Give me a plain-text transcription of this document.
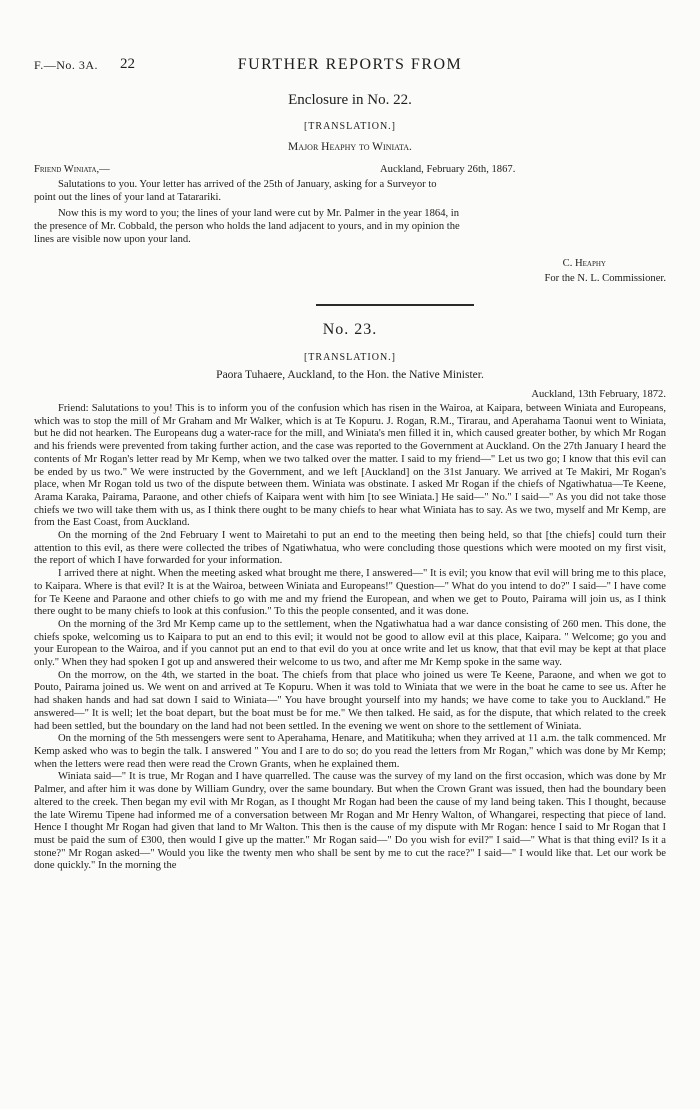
F.—No. 3A. 22	FURTHER REPORTS FROM
Enclosure in No. 22.
[TRANSLATION.]
Major Heaphy to Winiata.
Friend Winiata,—	Auckland, February 26th, 1867.
Salutations to you. Your letter has arrived of the 25th of January, asking for a Surveyor to
point out the lines of your land at Tatarariki.
Now this is my word to you; the lines of your land were cut by Mr. Palmer in the year 1864, in
the presence of Mr. Cobbald, the person who holds the land adjacent to yours, and in my opinion the
lines are visible now upon your land.
C. Heaphy
For the N. L. Commissioner.
No. 23.
[TRANSLATION.]
Paora Tuhaere, Auckland, to the Hon. the Native Minister.
Auckland, 13th February, 1872.

Friend: Salutations to you! This is to inform you of the confusion which has risen in the Wairoa, at Kaipara, between Winiata and Europeans, which was to stop the mill of Mr Graham and Mr Walker, which is at Te Kopuru. J. Rogan, R.M., Tirarau, and Aperahama Taonui went to Winiata, but he did not hearken. The Europeans dug a water-race for the mill, and Winiata's men filled it in, which caused greater bother, by which Mr Rogan and his friends were prevented from taking further action, and the case was reported to the Government at Auckland. On the 27th January I heard the contents of Mr Rogan's letter read by Mr Kemp, when we two talked over the matter. I said to my friend—" Let us two go; I know that this evil can be ended by us two." We were instructed by the Government, and we left [Auckland] on the 31st January. We arrived at Te Makiri, Mr Rogan's place, when Mr Rogan told us two of the dispute between them. Winiata was obstinate. I asked Mr Rogan if the chiefs of Ngatiwhatua—Te Keene, Arama Karaka, Pairama, Paraone, and other chiefs of Kaipara went with him [to see Winiata.] He said—" No." I said—" As you did not take those chiefs we two will take them with us, as I think there ought to be many chiefs to hear what Winiata has to say. As we two, myself and Mr Kemp, are from the East Coast, from Auckland.

On the morning of the 2nd February I went to Mairetahi to put an end to the meeting then being held, so that [the chiefs] could turn their attention to this evil, as there were collected the tribes of Ngatiwhatua, who were concluding those questions which were mooted on my first visit, the report of which I have forwarded for your information.

I arrived there at night. When the meeting asked what brought me there, I answered—" It is evil; you know that evil will bring me to this place, to Kaipara. Where is that evil? It is at the Wairoa, between Winiata and Europeans!" Question—" What do you intend to do?" I said—" I have come for Te Keene and Paraone and other chiefs to go with me and my friend the European, and when we get to Pouto, Pairama will join us, as I think there ought to be many chiefs to look at this confusion." To this the people consented, and it was done.

On the morning of the 3rd Mr Kemp came up to the settlement, when the Ngatiwhatua had a war dance consisting of 260 men. This done, the chiefs spoke, welcoming us to Kaipara to put an end to this evil; it would not be good to allow evil at this place, Kaipara. " Welcome; go you and your European to the Wairoa, and if you cannot put an end to that evil do you at once write and let us know, that that evil may be kept at that place only." When they had spoken I got up and answered their welcome to us two, and after me Mr Kemp spoke in the same way.

On the morrow, on the 4th, we started in the boat. The chiefs from that place who joined us were Te Keene, Paraone, and when we got to Pouto, Pairama joined us. We went on and arrived at Te Kopuru. When it was told to Winiata that we were in the boat he came to see us. After he had shaken hands and had sat down I said to Winiata—" You have brought yourself into my hands; we have come to take you to Auckland." He answered—" It is well; let the boat depart, but the boat must be for me." We then talked. He said, as for the dispute, that which related to the creek had been settled, but the boundary on the land had not been settled. In the evening we went on shore to the settlement of Winiata.

On the morning of the 5th messengers were sent to Aperahama, Henare, and Matitikuha; when they arrived at 11 a.m. the talk commenced. Mr Kemp asked who was to begin the talk. I answered " You and I are to do so; do you read the letters from Mr Rogan," which was done by Mr Kemp; when the letters were read then were read the Crown Grants, when he explained them.

Winiata said—" It is true, Mr Rogan and I have quarrelled. The cause was the survey of my land on the first occasion, which was done by Mr Palmer, and after him it was done by William Gundry, over the same boundary. But when the Crown Grant was issued, then had the boundary been altered to the creek. Then began my evil with Mr Rogan, as I thought Mr Rogan had been the cause of my land being taken. This I thought, because the late Wiremu Tipene had informed me of a conversation between Mr Rogan and Mr Henry Walton, of Whangarei, respecting that piece of land. Hence I thought Mr Rogan had given that land to Mr Walton. This then is the cause of my dispute with Mr Rogan: hence I said to Mr Rogan that I must be paid the sum of £300, then would I give up the matter." Mr Rogan said—" Do you wish for evil?" I said—" What is that thing evil? Is it a stone?" Mr Rogan asked—" Would you like the twenty men who shall be sent by me to cut the race?" I said—" I would like that. Let our work be done quickly." In the morning the
